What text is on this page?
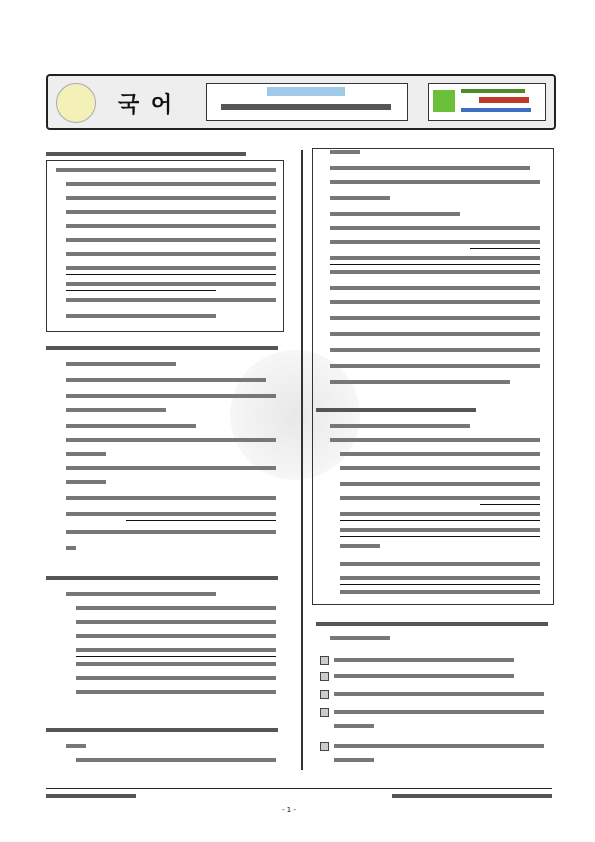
국 어
- 1 -
